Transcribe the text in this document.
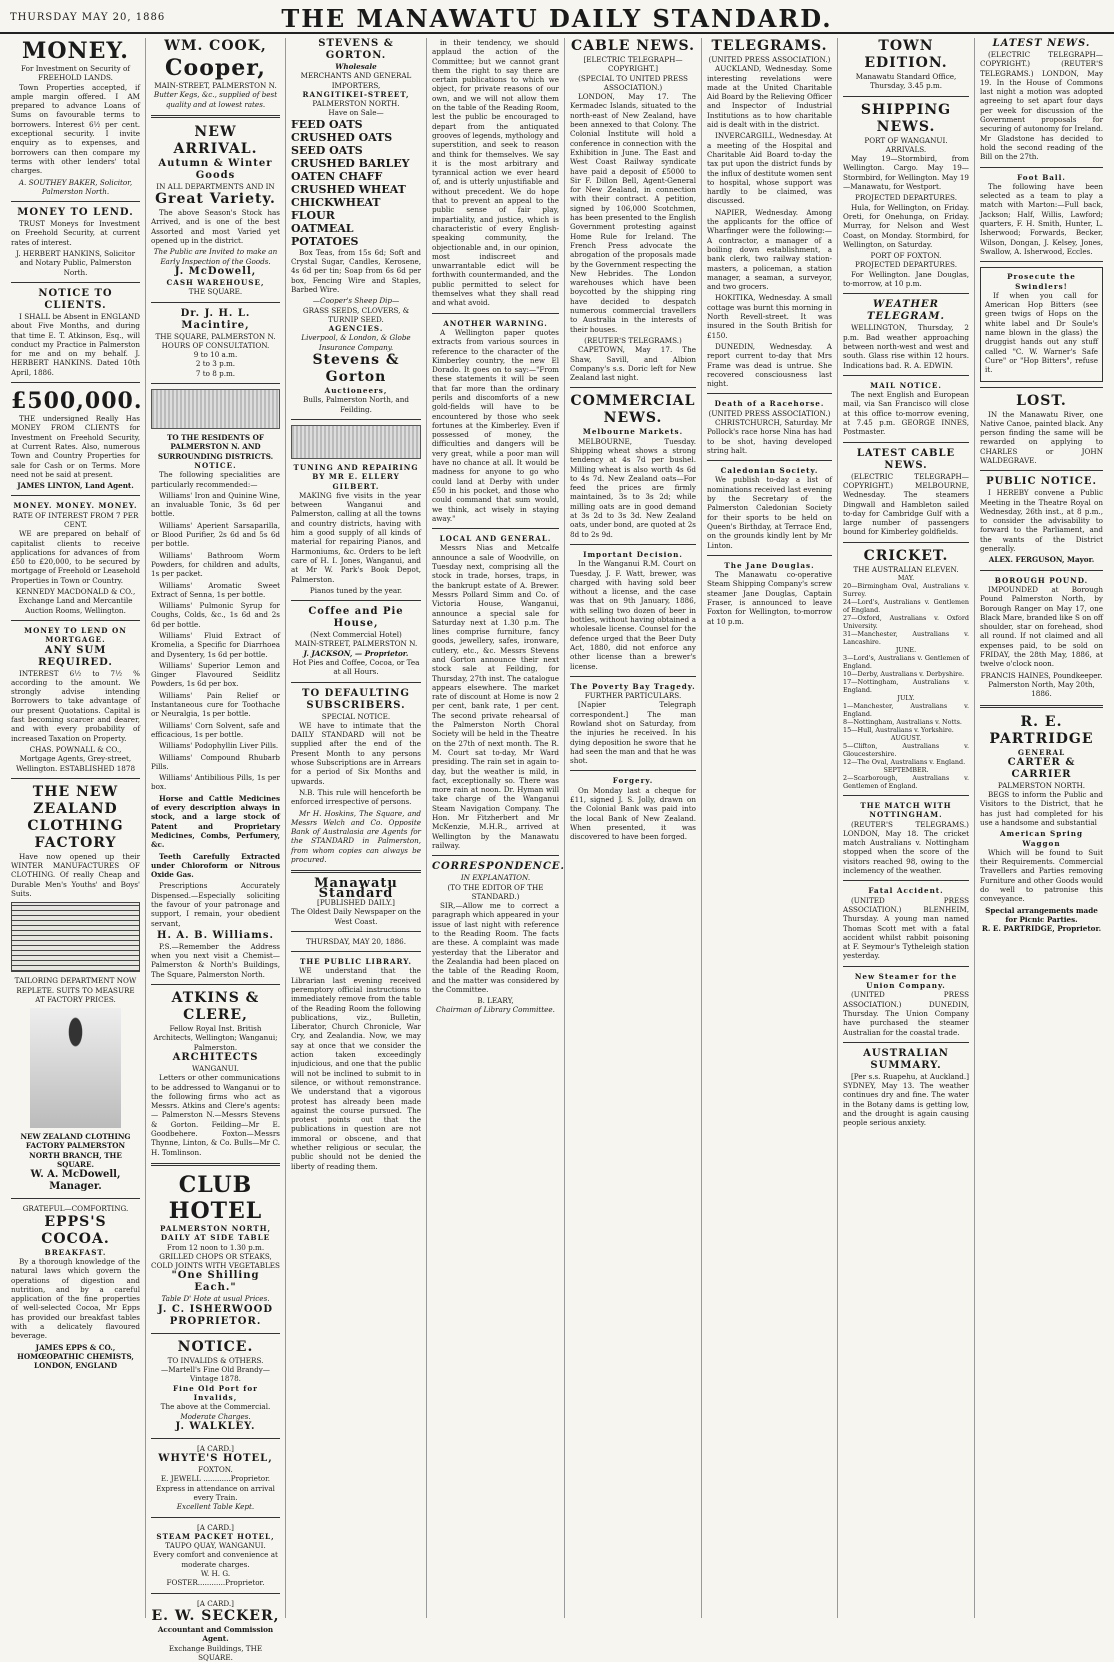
THURSDAY MAY 20, 1886	THE MANAWATU DAILY STANDARD.
MONEY.
For Investment on Security of FREEHOLD LANDS.
Town Properties accepted, if ample margin offered. I AM prepared to advance Loans of Sums on favourable terms to borrowers. Interest 6½ per cent. exceptional security. I invite enquiry as to expenses, and borrowers can then compare my terms with other lenders' total charges.
A. SOUTHEY BAKER, Solicitor, Palmerston North.
MONEY TO LEND.
TRUST Moneys for Investment on Freehold Security, at current rates of interest.
J. HERBERT HANKINS, Solicitor and Notary Public, Palmerston North.
NOTICE TO CLIENTS.
I SHALL be Absent in ENGLAND about Five Months, and during that time E. T. Atkinson, Esq., will conduct my Practice in Palmerston for me and on my behalf. J. HERBERT HANKINS. Dated 10th April, 1886.
£500,000.
THE undersigned Really Has MONEY FROM CLIENTS for Investment on Freehold Security, at Current Rates. Also, numerous Town and Country Properties for sale for Cash or on Terms. More need not be said at present.
JAMES LINTON, Land Agent.
MONEY. MONEY. MONEY.
RATE OF INTEREST FROM 7 PER CENT.
WE are prepared on behalf of capitalist clients to receive applications for advances of from £50 to £20,000, to be secured by mortgage of Freehold or Leasehold Properties in Town or Country.
KENNEDY MACDONALD & CO., Exchange Land and Mercantile Auction Rooms, Wellington.
MONEY TO LEND ON MORTGAGE.
ANY SUM REQUIRED.
INTEREST 6½ to 7½ % according to the amount. We strongly advise intending Borrowers to take advantage of our present Quotations. Capital is fast becoming scarcer and dearer, and with every probability of increased Taxation on Property.
CHAS. POWNALL & CO., Mortgage Agents, Grey-street, Wellington. ESTABLISHED 1878
THE NEW ZEALAND CLOTHING FACTORY
Have now opened up their WINTER MANUFACTURES OF CLOTHING. Of really Cheap and Durable Men's Youths' and Boys' Suits.
TAILORING DEPARTMENT NOW REPLETE. SUITS TO MEASURE AT FACTORY PRICES.
NEW ZEALAND CLOTHING FACTORY PALMERSTON NORTH BRANCH, THE SQUARE.
W. A. McDowell, Manager.
GRATEFUL—COMFORTING.
EPPS'S COCOA.
BREAKFAST.
By a thorough knowledge of the natural laws which govern the operations of digestion and nutrition, and by a careful application of the fine properties of well-selected Cocoa, Mr Epps has provided our breakfast tables with a delicately flavoured beverage.
JAMES EPPS & CO., HOMŒOPATHIC CHEMISTS, LONDON, ENGLAND
WM. COOK,
Cooper,
MAIN-STREET, PALMERSTON N.
Butter Kegs, &c., supplied of best quality and at lowest rates.
NEW ARRIVAL.
Autumn & Winter Goods
IN ALL DEPARTMENTS AND IN
Great Variety.
The above Season's Stock has Arrived, and is one of the best Assorted and most Varied yet opened up in the district.
The Public are Invited to make an Early Inspection of the Goods.
J. McDowell,
CASH WAREHOUSE,
THE SQUARE.
Dr. J. H. L. Macintire,
THE SQUARE, PALMERSTON N.
HOURS OF CONSULTATION.
9 to 10 a.m.
2 to 3 p.m.
7 to 8 p.m.
TO THE RESIDENTS OF PALMERSTON N. AND SURROUNDING DISTRICTS.
NOTICE.
The following specialities are particularly recommended:—
Williams' Iron and Quinine Wine, an invaluable Tonic, 3s 6d per bottle.
Williams' Aperient Sarsaparilla, or Blood Purifier, 2s 6d and 5s 6d per bottle.
Williams' Bathroom Worm Powders, for children and adults, 1s per packet.
Williams' Aromatic Sweet Extract of Senna, 1s per bottle.
Williams' Pulmonic Syrup for Coughs, Colds, &c., 1s 6d and 2s 6d per bottle.
Williams' Fluid Extract of Kromelia, a Specific for Diarrhoea and Dysentery, 1s 6d per bottle.
Williams' Superior Lemon and Ginger Flavoured Seidlitz Powders, 1s 6d per box.
Williams' Pain Relief or Instantaneous cure for Toothache or Neuralgia, 1s per bottle.
Williams' Corn Solvent, safe and efficacious, 1s per bottle.
Williams' Podophyllin Liver Pills.
Williams' Compound Rhubarb Pills.
Williams' Antibilious Pills, 1s per box.
Horse and Cattle Medicines of every description always in stock, and a large stock of Patent and Proprietary Medicines, Combs, Perfumery, &c.
Teeth Carefully Extracted under Chloroform or Nitrous Oxide Gas.
Prescriptions Accurately Dispensed.—Especially soliciting the favour of your patronage and support, I remain, your obedient servant,
H. A. B. Williams.
P.S.—Remember the Address when you next visit a Chemist—Palmerston & North's Buildings, The Square, Palmerston North.
ATKINS & CLERE,
Fellow Royal Inst. British Architects, Wellington; Wanganui; Palmerston.
ARCHITECTS
WANGANUI.
Letters or other communications to be addressed to Wanganui or to the following firms who act as Messrs. Atkins and Clere's agents:— Palmerston N.—Messrs Stevens & Gorton. Feilding—Mr E. Goodbehere. Foxton—Messrs Thynne, Linton, & Co. Bulls—Mr C. H. Tomlinson.
CLUB HOTEL
PALMERSTON NORTH,
DAILY AT SIDE TABLE
From 12 noon to 1.30 p.m.
GRILLED CHOPS OR STEAKS, COLD JOINTS WITH VEGETABLES
"One Shilling Each."
Table D' Hote at usual Prices.
J. C. ISHERWOOD
PROPRIETOR.
NOTICE.
TO INVALIDS & OTHERS.
—Martell's Fine Old Brandy—Vintage 1878.
Fine Old Port for Invalids,
The above at the Commercial.
Moderate Charges.
J. WALKLEY.
[A CARD.]
WHYTE'S HOTEL,
FOXTON.
E. JEWELL ............Proprietor.
Express in attendance on arrival every Train.
Excellent Table Kept.
[A CARD.]
STEAM PACKET HOTEL,
TAUPO QUAY, WANGANUI.
Every comfort and convenience at moderate charges.
W. H. G. FOSTER............Proprietor.
[A CARD.]
E. W. SECKER,
Accountant and Commission Agent.
Exchange Buildings, THE SQUARE.
STEVENS & GORTON.
Wholesale
MERCHANTS AND GENERAL IMPORTERS,
RANGITIKEI-STREET,
PALMERSTON NORTH.
Have on Sale—
FEED OATS
CRUSHED OATS
SEED OATS
CRUSHED BARLEY
OATEN CHAFF
CRUSHED WHEAT
CHICKWHEAT
FLOUR
OATMEAL
POTATOES
Box Teas, from 15s 6d; Soft and Crystal Sugar, Candles, Kerosene, 4s 6d per tin; Soap from 6s 6d per box, Fencing Wire and Staples, Barbed Wire.
—Cooper's Sheep Dip—
GRASS SEEDS, CLOVERS, & TURNIP SEED.
AGENCIES.
Liverpool, & London, & Globe Insurance Company.
Stevens & Gorton
Auctioneers,
Bulls, Palmerston North, and Feilding.
TUNING AND REPAIRING
BY MR E. ELLERY GILBERT.
MAKING five visits in the year between Wanganui and Palmerston, calling at all the towns and country districts, having with him a good supply of all kinds of material for repairing Pianos, and Harmoniums, &c. Orders to be left care of H. I. Jones, Wanganui, and at Mr W. Park's Book Depot, Palmerston.
Pianos tuned by the year.
Coffee and Pie House,
(Next Commercial Hotel)
MAIN-STREET, PALMERSTON N.
J. JACKSON, — Proprietor.
Hot Pies and Coffee, Cocoa, or Tea at all Hours.
TO DEFAULTING SUBSCRIBERS.
SPECIAL NOTICE.
WE have to intimate that the DAILY STANDARD will not be supplied after the end of the Present Month to any persons whose Subscriptions are in Arrears for a period of Six Months and upwards.
N.B. This rule will henceforth be enforced irrespective of persons.
Mr H. Hoskins, The Square, and Messrs Welch and Co. Opposite Bank of Australasia are Agents for the STANDARD in Palmerston, from whom copies can always be procured.
Manawatu Standard
[PUBLISHED DAILY.]
The Oldest Daily Newspaper on the West Coast.
THURSDAY, MAY 20, 1886.
THE PUBLIC LIBRARY.
WE understand that the Librarian last evening received peremptory official instructions to immediately remove from the table of the Reading Room the following publications, viz., Bulletin, Liberator, Church Chronicle, War Cry, and Zealandia. Now, we may say at once that we consider the action taken exceedingly injudicious, and one that the public will not be inclined to submit to in silence, or without remonstrance. We understand that a vigorous protest has already been made against the course pursued. The protest points out that the publications in question are not immoral or obscene, and that whether religious or secular, the public should not be denied the liberty of reading them.
in their tendency, we should applaud the action of the Committee; but we cannot grant them the right to say there are certain publications to which we object, for private reasons of our own, and we will not allow them on the table of the Reading Room, lest the public be encouraged to depart from the antiquated grooves of legends, mythology and superstition, and seek to reason and think for themselves. We say it is the most arbitrary and tyrannical action we ever heard of, and is utterly unjustifiable and without precedent. We do hope that to prevent an appeal to the public sense of fair play, impartiality, and justice, which is characteristic of every English-speaking community, the objectionable and, in our opinion, most indiscreet and unwarrantable edict will be forthwith countermanded, and the public permitted to select for themselves what they shall read and what avoid.
ANOTHER WARNING.
A Wellington paper quotes extracts from various sources in reference to the character of the Kimberley country, the new El Dorado. It goes on to say:—"From these statements it will be seen that far more than the ordinary perils and discomforts of a new gold-fields will have to be encountered by those who seek fortunes at the Kimberley. Even if possessed of money, the difficulties and dangers will be very great, while a poor man will have no chance at all. It would be madness for anyone to go who could land at Derby with under £50 in his pocket, and those who could command that sum would, we think, act wisely in staying away."
LOCAL AND GENERAL.
Messrs Nias and Metcalfe announce a sale of Woodville, on Tuesday next, comprising all the stock in trade, horses, traps, in the bankrupt estate of A. Brewer. Messrs Pollard Simm and Co. of Victoria House, Wanganui, announce a special sale for Saturday next at 1.30 p.m. The lines comprise furniture, fancy goods, jewellery, safes, ironware, cutlery, etc., &c. Messrs Stevens and Gorton announce their next stock sale at Feilding, for Thursday, 27th inst. The catalogue appears elsewhere. The market rate of discount at Home is now 2 per cent, bank rate, 1 per cent. The second private rehearsal of the Palmerston North Choral Society will be held in the Theatre on the 27th of next month. The R. M. Court sat to-day, Mr Ward presiding. The rain set in again to-day, but the weather is mild, in fact, exceptionally so. There was more rain at noon. Dr. Hyman will take charge of the Wanganui Steam Navigation Company. The Hon. Mr Fitzherbert and Mr McKenzie, M.H.R., arrived at Wellington by the Manawatu railway.
CORRESPONDENCE.
IN EXPLANATION.
(TO THE EDITOR OF THE STANDARD.)
SIR,—Allow me to correct a paragraph which appeared in your issue of last night with reference to the Reading Room. The facts are these. A complaint was made yesterday that the Liberator and the Zealandia had been placed on the table of the Reading Room, and the matter was considered by the Committee.
B. LEARY,
Chairman of Library Committee.
CABLE NEWS.
[ELECTRIC TELEGRAPH—COPYRIGHT.]
(SPECIAL TO UNITED PRESS ASSOCIATION.)
LONDON, May 17. The Kermadec Islands, situated to the north-east of New Zealand, have been annexed to that Colony. The Colonial Institute will hold a conference in connection with the Exhibition in June. The East and West Coast Railway syndicate have paid a deposit of £5000 to Sir F. Dillon Bell, Agent-General for New Zealand, in connection with their contract. A petition, signed by 106,000 Scotchmen, has been presented to the English Government protesting against Home Rule for Ireland. The French Press advocate the abrogation of the proposals made by the Government respecting the New Hebrides. The London warehouses which have been boycotted by the shipping ring have decided to despatch numerous commercial travellers to Australia in the interests of their houses.
(REUTER'S TELEGRAMS.)
CAPETOWN, May 17. The Shaw, Savill, and Albion Company's s.s. Doric left for New Zealand last night.
COMMERCIAL NEWS.
Melbourne Markets.
MELBOURNE, Tuesday. Shipping wheat shows a strong tendency at 4s 7d per bushel. Milling wheat is also worth 4s 6d to 4s 7d. New Zealand oats—For feed the prices are firmly maintained, 3s to 3s 2d; while milling oats are in good demand at 3s 2d to 3s 3d. New Zealand oats, under bond, are quoted at 2s 8d to 2s 9d.
Important Decision.
In the Wanganui R.M. Court on Tuesday, J. F. Watt, brewer, was charged with having sold beer without a license, and the case was that on 9th January, 1886, with selling two dozen of beer in bottles, without having obtained a wholesale license. Counsel for the defence urged that the Beer Duty Act, 1880, did not enforce any other license than a brewer's license.
The Poverty Bay Tragedy.
FURTHER PARTICULARS.
[Napier Telegraph correspondent.] The man Rowland shot on Saturday, from the injuries he received. In his dying deposition he swore that he had seen the man and that he was shot.
Forgery.
On Monday last a cheque for £11, signed J. S. Jolly, drawn on the Colonial Bank was paid into the local Bank of New Zealand. When presented, it was discovered to have been forged.
TELEGRAMS.
(UNITED PRESS ASSOCIATION.)
AUCKLAND, Wednesday. Some interesting revelations were made at the United Charitable Aid Board by the Relieving Officer and Inspector of Industrial Institutions as to how charitable aid is dealt with in the district.
INVERCARGILL, Wednesday. At a meeting of the Hospital and Charitable Aid Board to-day the tax put upon the district funds by the influx of destitute women sent to hospital, whose support was hardly to be claimed, was discussed.
NAPIER, Wednesday. Among the applicants for the office of Wharfinger were the following:—A contractor, a manager of a boiling down establishment, a bank clerk, two railway station-masters, a policeman, a station manager, a seaman, a surveyor, and two grocers.
HOKITIKA, Wednesday. A small cottage was burnt this morning in North Revell-street. It was insured in the South British for £150.
DUNEDIN, Wednesday. A report current to-day that Mrs Frame was dead is untrue. She recovered consciousness last night.
Death of a Racehorse.
(UNITED PRESS ASSOCIATION.)
CHRISTCHURCH, Saturday. Mr Pollock's race horse Nina has had to be shot, having developed string halt.
Caledonian Society.
We publish to-day a list of nominations received last evening by the Secretary of the Palmerston Caledonian Society for their sports to be held on Queen's Birthday, at Terrace End, on the grounds kindly lent by Mr Linton.
The Jane Douglas.
The Manawatu co-operative Steam Shipping Company's screw steamer Jane Douglas, Captain Fraser, is announced to leave Foxton for Wellington, to-morrow at 10 p.m.
TOWN EDITION.
Manawatu Standard Office,
Thursday, 3.45 p.m.
SHIPPING NEWS.
PORT OF WANGANUI.
ARRIVALS.
May 19—Stormbird, from Wellington. Cargo. May 19—Stormbird, for Wellington. May 19—Manawatu, for Westport.
PROJECTED DEPARTURES.
Hula, for Wellington, on Friday. Oreti, for Onehunga, on Friday. Murray, for Nelson and West Coast, on Monday. Stormbird, for Wellington, on Saturday.
PORT OF FOXTON.
PROJECTED DEPARTURES.
For Wellington. Jane Douglas, to-morrow, at 10 p.m.
WEATHER TELEGRAM.
WELLINGTON, Thursday, 2 p.m. Bad weather approaching between north-west and west and south. Glass rise within 12 hours. Indications bad. R. A. EDWIN.
MAIL NOTICE.
The next English and European mail, via San Francisco will close at this office to-morrow evening, at 7.45 p.m. GEORGE INNES, Postmaster.
LATEST CABLE NEWS.
(ELECTRIC TELEGRAPH—COPYRIGHT.) MELBOURNE, Wednesday. The steamers Dingwall and Hambleton sailed to-day for Cambridge Gulf with a large number of passengers bound for Kimberley goldfields.
CRICKET.
THE AUSTRALIAN ELEVEN.
MAY.
20—Birmingham Oval, Australians v. Surrey.
24—Lord's, Australians v. Gentlemen of England.
27—Oxford, Australians v. Oxford University.
31—Manchester, Australians v. Lancashire.
JUNE.
3—Lord's, Australians v. Gentlemen of England.
10—Derby, Australians v. Derbyshire.
17—Nottingham, Australians v. England.
JULY.
1—Manchester, Australians v. England.
8—Nottingham, Australians v. Notts.
15—Hull, Australians v. Yorkshire.
AUGUST.
5—Clifton, Australians v. Gloucestershire.
12—The Oval, Australians v. England.
SEPTEMBER.
2—Scarborough, Australians v. Gentlemen of England.
THE MATCH WITH NOTTINGHAM.
(REUTER'S TELEGRAMS.) LONDON, May 18. The cricket match Australians v. Nottingham stopped when the score of the visitors reached 98, owing to the inclemency of the weather.
Fatal Accident.
(UNITED PRESS ASSOCIATION.) BLENHEIM, Thursday. A young man named Thomas Scott met with a fatal accident whilst rabbit poisoning at F. Seymour's Tytheleigh station yesterday.
New Steamer for the Union Company.
(UNITED PRESS ASSOCIATION.) DUNEDIN, Thursday. The Union Company have purchased the steamer Australian for the coastal trade.
AUSTRALIAN SUMMARY.
[Per s.s. Ruapehu, at Auckland.] SYDNEY, May 13. The weather continues dry and fine. The water in the Botany dams is getting low, and the drought is again causing people serious anxiety.
LATEST NEWS.
(ELECTRIC TELEGRAPH—COPYRIGHT.) (REUTER'S TELEGRAMS.) LONDON, May 19. In the House of Commons last night a motion was adopted agreeing to set apart four days per week for discussion of the Government proposals for securing of autonomy for Ireland. Mr Gladstone has decided to hold the second reading of the Bill on the 27th.
Foot Ball.
The following have been selected as a team to play a match with Marton:—Full back, Jackson; Half, Willis, Lawford; quarters, F. H. Smith, Hunter, L. Isherwood; Forwards, Becker, Wilson, Dongan, J. Kelsey, Jones, Swallow, A. Isherwood, Eccles.
Prosecute the Swindlers!
If when you call for American Hop Bitters (see green twigs of Hops on the white label and Dr Soule's name blown in the glass) the druggist hands out any stuff called "C. W. Warner's Safe Cure" or "Hop Bitters", refuse it.
LOST.
IN the Manawatu River, one Native Canoe, painted black. Any person finding the same will be rewarded on applying to CHARLES or JOHN WALDEGRAVE.
PUBLIC NOTICE.
I HEREBY convene a Public Meeting in the Theatre Royal on Wednesday, 26th inst., at 8 p.m., to consider the advisability to forward to the Parliament, and the wants of the District generally.
ALEX. FERGUSON, Mayor.
BOROUGH POUND.
IMPOUNDED at Borough Pound Palmerston North, by Borough Ranger on May 17, one Black Mare, branded like S on off shoulder, star on forehead, shod all round. If not claimed and all expenses paid, to be sold on FRIDAY, the 28th May, 1886, at twelve o'clock noon.
FRANCIS HAINES, Poundkeeper. Palmerston North, May 20th, 1886.
R. E. PARTRIDGE
GENERAL
CARTER & CARRIER
PALMERSTON NORTH.
BEGS to inform the Public and Visitors to the District, that he has just had completed for his use a handsome and substantial
American Spring Waggon
Which will be found to Suit their Requirements. Commercial Travellers and Parties removing Furniture and other Goods would do well to patronise this conveyance.
Special arrangements made for Picnic Parties.
R. E. PARTRIDGE, Proprietor.
